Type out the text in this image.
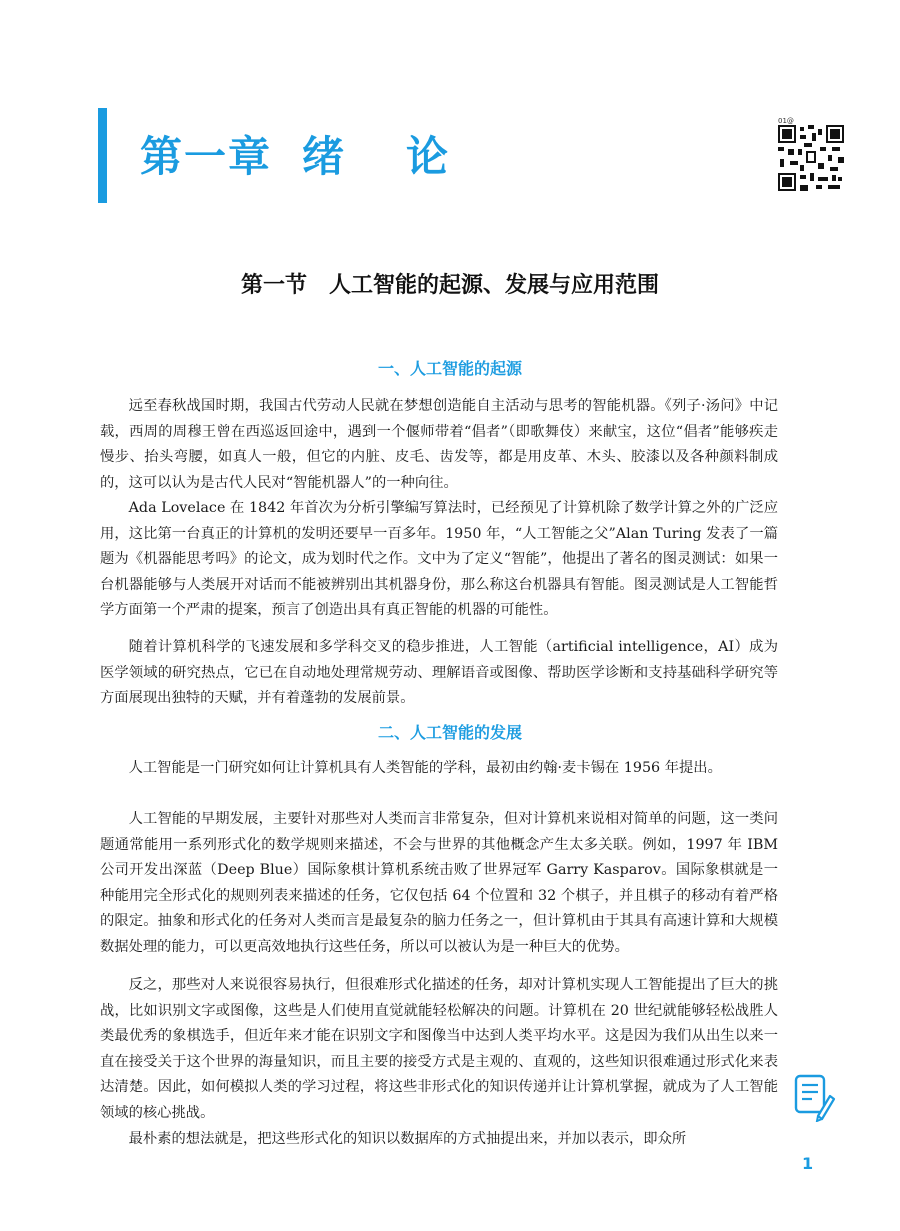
第一章 绪 论
01@
第一节 人工智能的起源、发展与应用范围
一、人工智能的起源

远至春秋战国时期，我国古代劳动人民就在梦想创造能自主活动与思考的智能机器。《列子·汤问》中记载，西周的周穆王曾在西巡返回途中，遇到一个偃师带着“倡者”（即歌舞伎）来献宝，这位“倡者”能够疾走慢步、抬头弯腰，如真人一般，但它的内脏、皮毛、齿发等，都是用皮革、木头、胶漆以及各种颜料制成的，这可以认为是古代人民对“智能机器人”的一种向往。

Ada Lovelace 在 1842 年首次为分析引擎编写算法时，已经预见了计算机除了数学计算之外的广泛应用，这比第一台真正的计算机的发明还要早一百多年。1950 年，“人工智能之父”Alan Turing 发表了一篇题为《机器能思考吗》的论文，成为划时代之作。文中为了定义“智能”，他提出了著名的图灵测试：如果一台机器能够与人类展开对话而不能被辨别出其机器身份，那么称这台机器具有智能。图灵测试是人工智能哲学方面第一个严肃的提案，预言了创造出具有真正智能的机器的可能性。

随着计算机科学的飞速发展和多学科交叉的稳步推进，人工智能（artificial intelligence，AI）成为医学领域的研究热点，它已在自动地处理常规劳动、理解语音或图像、帮助医学诊断和支持基础科学研究等方面展现出独特的天赋，并有着蓬勃的发展前景。

二、人工智能的发展

人工智能是一门研究如何让计算机具有人类智能的学科，最初由约翰·麦卡锡在 1956 年提出。

人工智能的早期发展，主要针对那些对人类而言非常复杂，但对计算机来说相对简单的问题，这一类问题通常能用一系列形式化的数学规则来描述，不会与世界的其他概念产生太多关联。例如，1997 年 IBM 公司开发出深蓝（Deep Blue）国际象棋计算机系统击败了世界冠军 Garry Kasparov。国际象棋就是一种能用完全形式化的规则列表来描述的任务，它仅包括 64 个位置和 32 个棋子，并且棋子的移动有着严格的限定。抽象和形式化的任务对人类而言是最复杂的脑力任务之一，但计算机由于其具有高速计算和大规模数据处理的能力，可以更高效地执行这些任务，所以可以被认为是一种巨大的优势。

反之，那些对人来说很容易执行，但很难形式化描述的任务，却对计算机实现人工智能提出了巨大的挑战，比如识别文字或图像，这些是人们使用直觉就能轻松解决的问题。计算机在 20 世纪就能够轻松战胜人类最优秀的象棋选手，但近年来才能在识别文字和图像当中达到人类平均水平。这是因为我们从出生以来一直在接受关于这个世界的海量知识，而且主要的接受方式是主观的、直观的，这些知识很难通过形式化来表达清楚。因此，如何模拟人类的学习过程，将这些非形式化的知识传递并让计算机掌握，就成为了人工智能领域的核心挑战。

最朴素的想法就是，把这些形式化的知识以数据库的方式抽提出来，并加以表示，即众所

1
